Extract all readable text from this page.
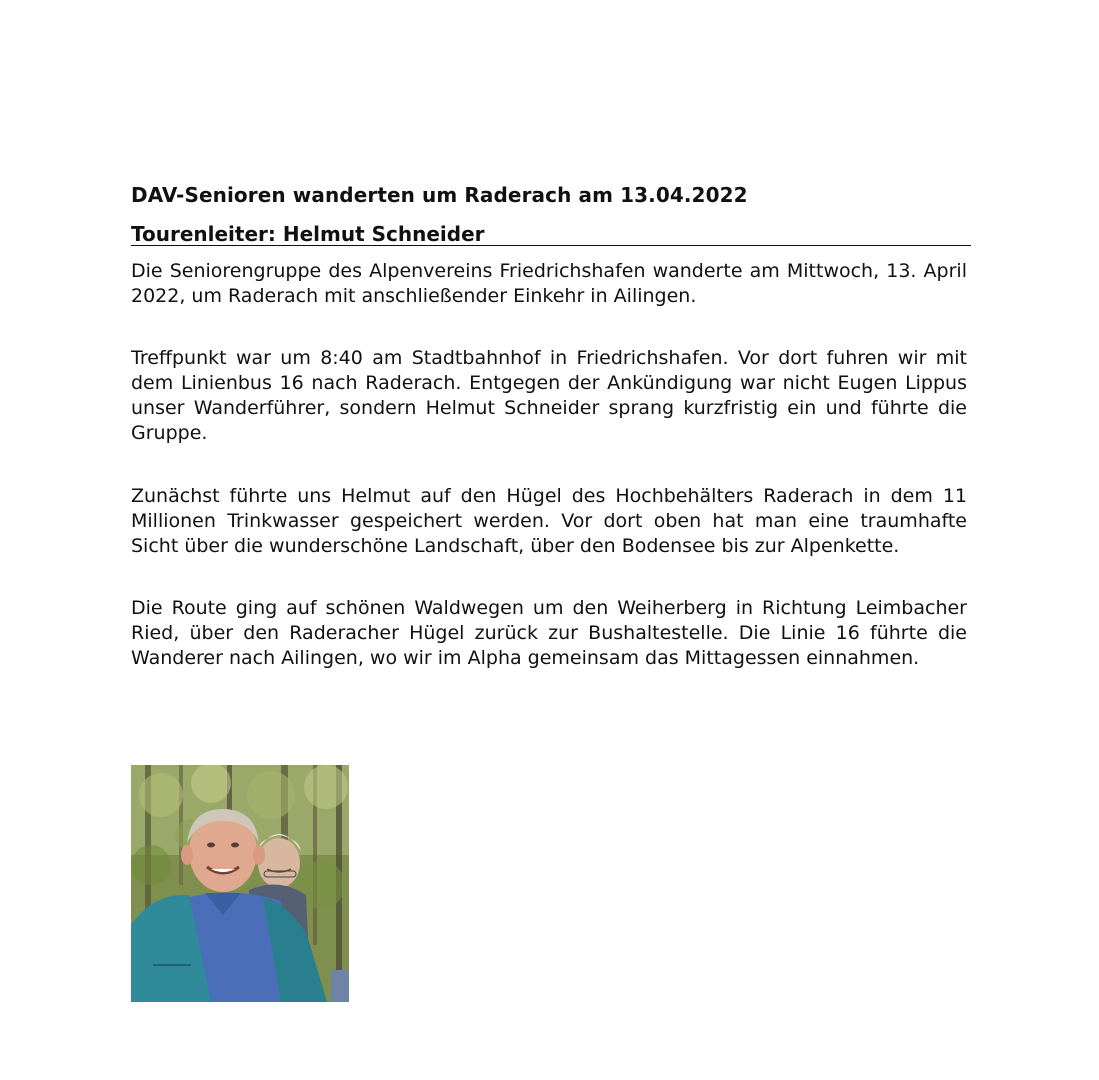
DAV-Senioren wanderten um Raderach am 13.04.2022
Tourenleiter: Helmut Schneider

Die Seniorengruppe des Alpenvereins Friedrichshafen wanderte am Mittwoch, 13. April 2022, um Raderach mit anschließender Einkehr in Ailingen.

Treffpunkt war um 8:40 am Stadtbahnhof in Friedrichshafen. Vor dort fuhren wir mit dem Linienbus 16 nach Raderach. Entgegen der Ankündigung war nicht Eugen Lippus unser Wanderführer, sondern Helmut Schneider sprang kurzfristig ein und führte die Gruppe.

Zunächst führte uns Helmut auf den Hügel des Hochbehälters Raderach in dem 11 Millionen Trinkwasser gespeichert werden. Vor dort oben hat man eine traumhafte Sicht über die wunderschöne Landschaft, über den Bodensee bis zur Alpenkette.

Die Route ging auf schönen Waldwegen um den Weiherberg in Richtung Leimbacher Ried, über den Raderacher Hügel zurück zur Bushaltestelle. Die Linie 16 führte die Wanderer nach Ailingen, wo wir im Alpha gemeinsam das Mittagessen einnahmen.
